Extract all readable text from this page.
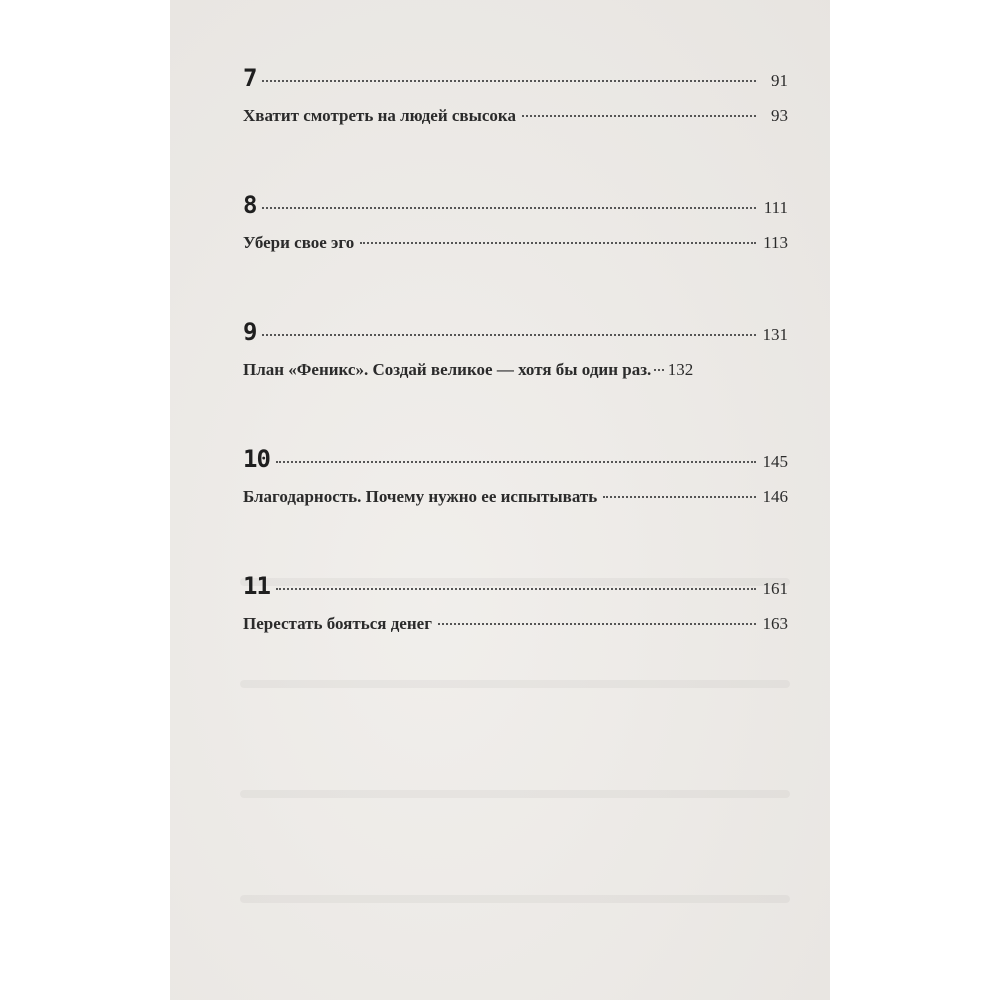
7	91
Хватит смотреть на людей свысока	93
8	111
Убери свое эго	113
9	131
План «Феникс». Создай великое — хотя бы один раз. 132
10	145
Благодарность. Почему нужно ее испытывать	146
11	161
Перестать бояться денег	163
